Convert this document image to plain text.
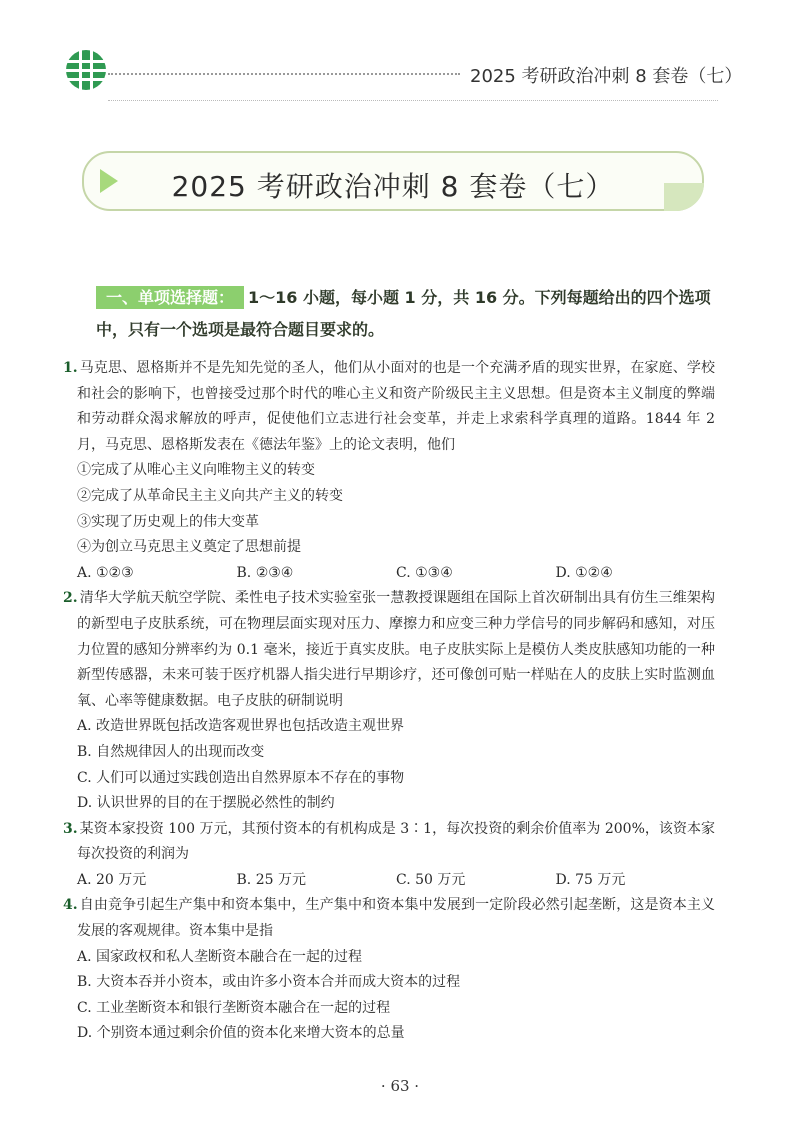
2025 考研政治冲刺 8 套卷（七）
2025 考研政治冲刺 8 套卷（七）
一、单项选择题： 1～16 小题，每小题 1 分，共 16 分。下列每题给出的四个选项中，只有一个选项是最符合题目要求的。
1. 马克思、恩格斯并不是先知先觉的圣人，他们从小面对的也是一个充满矛盾的现实世界，在家庭、学校和社会的影响下，也曾接受过那个时代的唯心主义和资产阶级民主主义思想。但是资本主义制度的弊端和劳动群众渴求解放的呼声，促使他们立志进行社会变革，并走上求索科学真理的道路。1844 年 2 月，马克思、恩格斯发表在《德法年鉴》上的论文表明，他们
①完成了从唯心主义向唯物主义的转变
②完成了从革命民主主义向共产主义的转变
③实现了历史观上的伟大变革
④为创立马克思主义奠定了思想前提
A. ①②③	B. ②③④	C. ①③④	D. ①②④
2. 清华大学航天航空学院、柔性电子技术实验室张一慧教授课题组在国际上首次研制出具有仿生三维架构的新型电子皮肤系统，可在物理层面实现对压力、摩擦力和应变三种力学信号的同步解码和感知，对压力位置的感知分辨率约为 0.1 毫米，接近于真实皮肤。电子皮肤实际上是模仿人类皮肤感知功能的一种新型传感器，未来可装于医疗机器人指尖进行早期诊疗，还可像创可贴一样贴在人的皮肤上实时监测血氧、心率等健康数据。电子皮肤的研制说明
A. 改造世界既包括改造客观世界也包括改造主观世界
B. 自然规律因人的出现而改变
C. 人们可以通过实践创造出自然界原本不存在的事物
D. 认识世界的目的在于摆脱必然性的制约
3. 某资本家投资 100 万元，其预付资本的有机构成是 3∶1，每次投资的剩余价值率为 200%，该资本家每次投资的利润为
A. 20 万元	B. 25 万元	C. 50 万元	D. 75 万元
4. 自由竞争引起生产集中和资本集中，生产集中和资本集中发展到一定阶段必然引起垄断，这是资本主义发展的客观规律。资本集中是指
A. 国家政权和私人垄断资本融合在一起的过程
B. 大资本吞并小资本，或由许多小资本合并而成大资本的过程
C. 工业垄断资本和银行垄断资本融合在一起的过程
D. 个别资本通过剩余价值的资本化来增大资本的总量
· 63 ·
